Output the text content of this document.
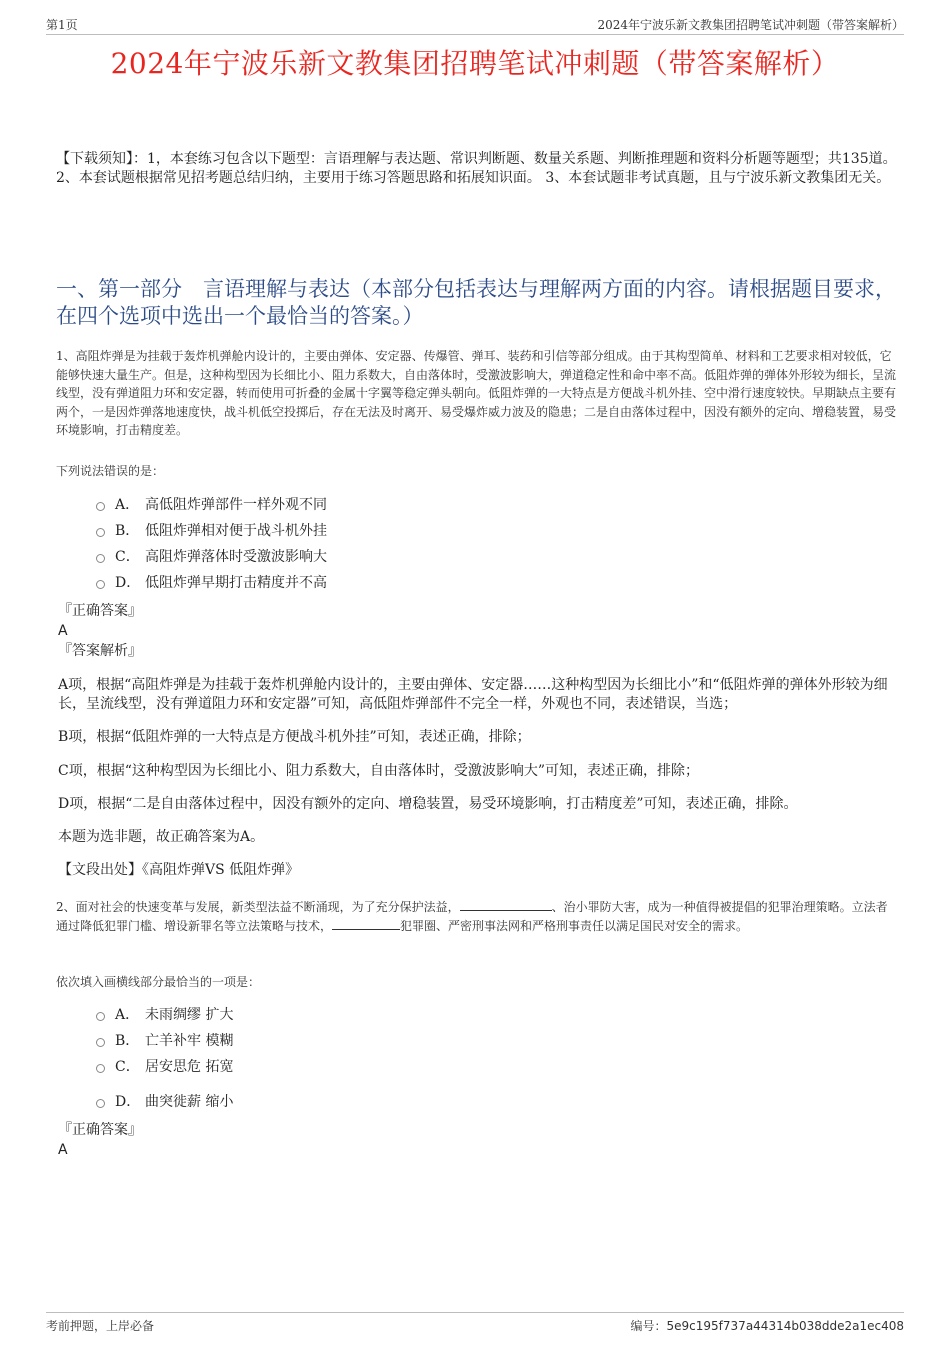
第1页	2024年宁波乐新文教集团招聘笔试冲刺题（带答案解析）
2024年宁波乐新文教集团招聘笔试冲刺题（带答案解析）
【下载须知】：1，本套练习包含以下题型：言语理解与表达题、常识判断题、数量关系题、判断推理题和资料分析题等题型；共135道。 2、本套试题根据常见招考题总结归纳，主要用于练习答题思路和拓展知识面。 3、本套试题非考试真题，且与宁波乐新文教集团无关。
一、第一部分　言语理解与表达（本部分包括表达与理解两方面的内容。请根据题目要求，在四个选项中选出一个最恰当的答案。）
1、高阻炸弹是为挂载于轰炸机弹舱内设计的，主要由弹体、安定器、传爆管、弹耳、装药和引信等部分组成。由于其构型简单、材料和工艺要求相对较低，它能够快速大量生产。但是，这种构型因为长细比小、阻力系数大，自由落体时，受激波影响大，弹道稳定性和命中率不高。低阻炸弹的弹体外形较为细长，呈流线型，没有弹道阻力环和安定器，转而使用可折叠的金属十字翼等稳定弹头朝向。低阻炸弹的一大特点是方便战斗机外挂、空中滑行速度较快。早期缺点主要有两个，一是因炸弹落地速度快，战斗机低空投掷后，存在无法及时离开、易受爆炸威力波及的隐患；二是自由落体过程中，因没有额外的定向、增稳装置，易受环境影响，打击精度差。
下列说法错误的是：
A． 高低阻炸弹部件一样外观不同
B． 低阻炸弹相对便于战斗机外挂
C． 高阻炸弹落体时受激波影响大
D． 低阻炸弹早期打击精度并不高
『正确答案』
A
『答案解析』
A项，根据“高阻炸弹是为挂载于轰炸机弹舱内设计的，主要由弹体、安定器……这种构型因为长细比小”和“低阻炸弹的弹体外形较为细长，呈流线型，没有弹道阻力环和安定器”可知，高低阻炸弹部件不完全一样，外观也不同，表述错误，当选；
B项，根据“低阻炸弹的一大特点是方便战斗机外挂”可知，表述正确，排除；
C项，根据“这种构型因为长细比小、阻力系数大，自由落体时，受激波影响大”可知，表述正确，排除；
D项，根据“二是自由落体过程中，因没有额外的定向、增稳装置，易受环境影响，打击精度差”可知，表述正确，排除。
本题为选非题，故正确答案为A。
【文段出处】《高阻炸弹VS 低阻炸弹》
2、面对社会的快速变革与发展，新类型法益不断涌现，为了充分保护法益，	、治小罪防大害，成为一种值得被提倡的犯罪治理策略。立法者通过降低犯罪门槛、增设新罪名等立法策略与技术，	犯罪圈、严密刑事法网和严格刑事责任以满足国民对安全的需求。
依次填入画横线部分最恰当的一项是：
A． 未雨绸缪 扩大
B． 亡羊补牢 模糊
C． 居安思危 拓宽
D． 曲突徙薪 缩小
『正确答案』
A
考前押题，上岸必备	编号：5e9c195f737a44314b038dde2a1ec408
